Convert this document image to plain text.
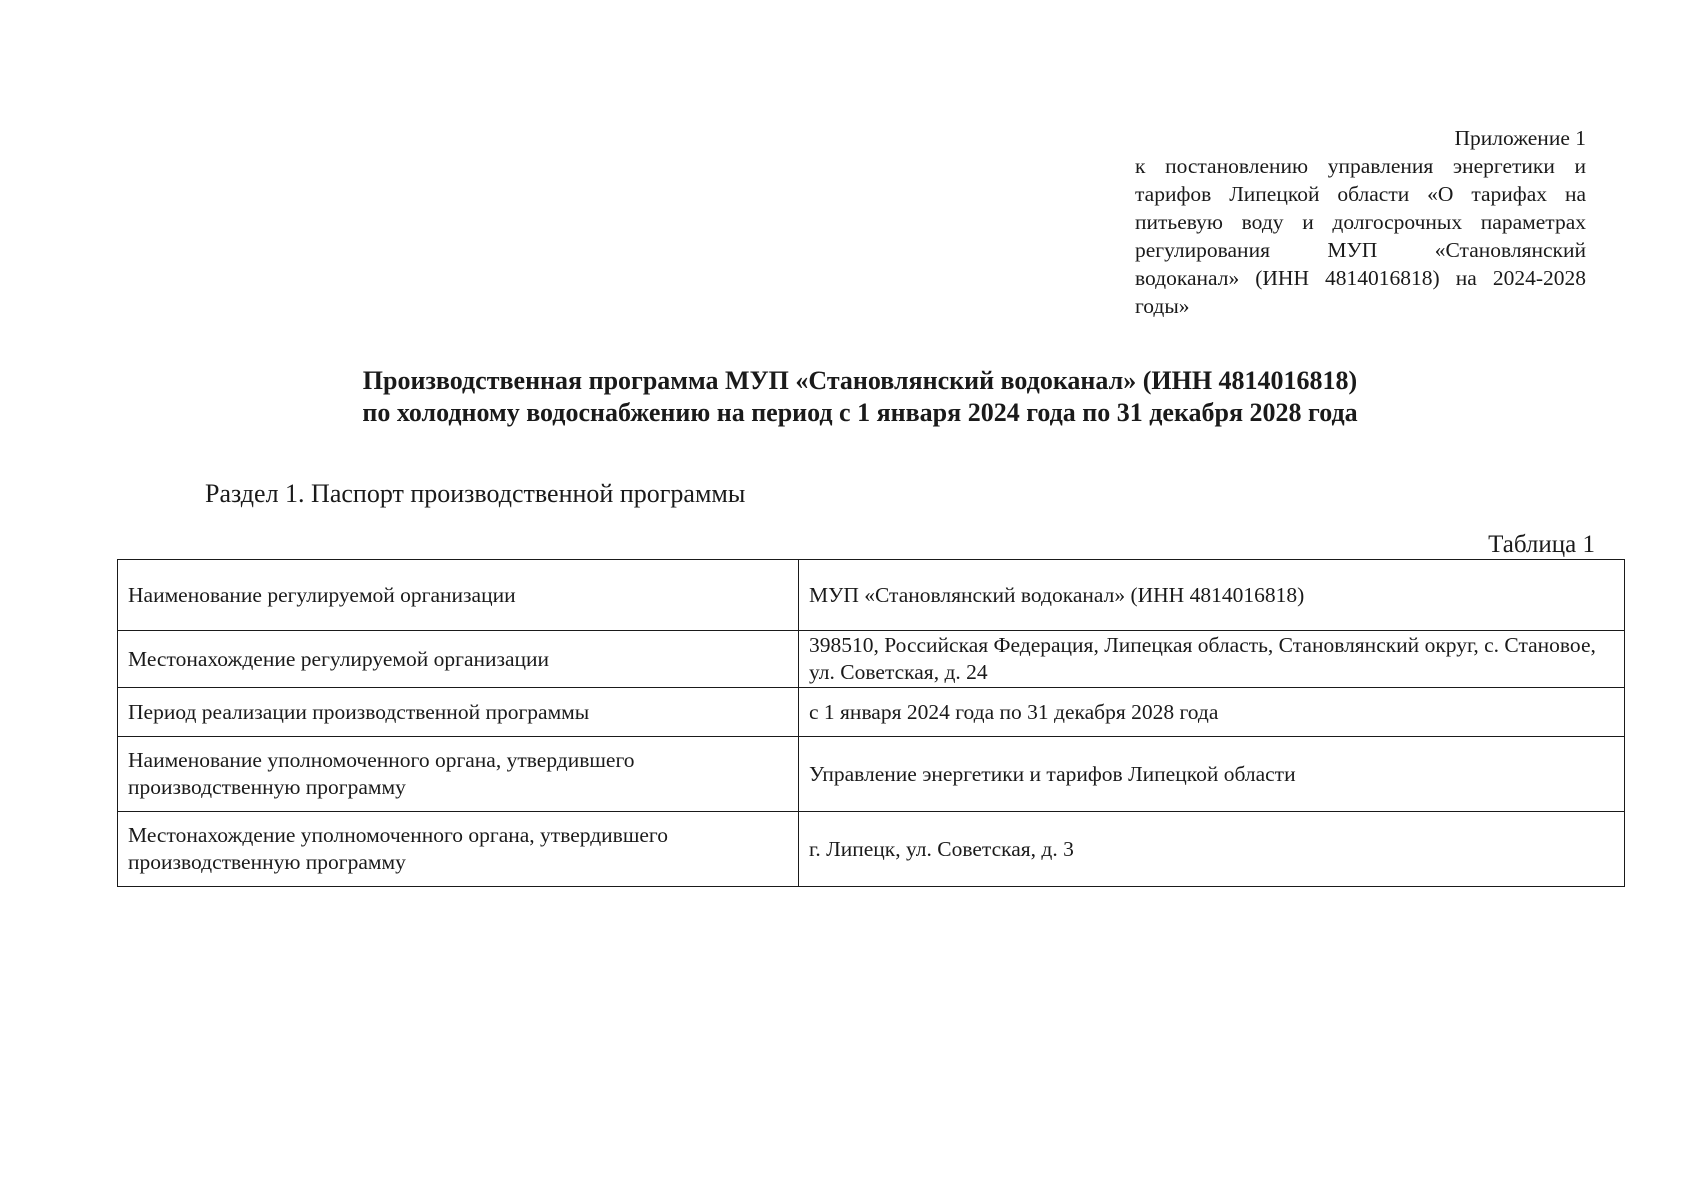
Приложение 1
к постановлению управления энергетики и тарифов Липецкой области «О тарифах на питьевую воду и долгосрочных параметрах регулирования МУП «Становлянский водоканал» (ИНН 4814016818) на 2024-2028 годы»
Производственная программа МУП «Становлянский водоканал» (ИНН 4814016818)
по холодному водоснабжению на период с 1 января 2024 года по 31 декабря 2028 года
Раздел 1. Паспорт производственной программы
Таблица 1
Наименование регулируемой организации	МУП «Становлянский водоканал» (ИНН 4814016818)
Местонахождение регулируемой организации	398510, Российская Федерация, Липецкая область, Становлянский округ, с. Становое, ул. Советская, д. 24
Период реализации производственной программы	с 1 января 2024 года по 31 декабря 2028 года
Наименование уполномоченного органа, утвердившего производственную программу	Управление энергетики и тарифов Липецкой области
Местонахождение уполномоченного органа, утвердившего производственную программу	г. Липецк, ул. Советская, д. 3
